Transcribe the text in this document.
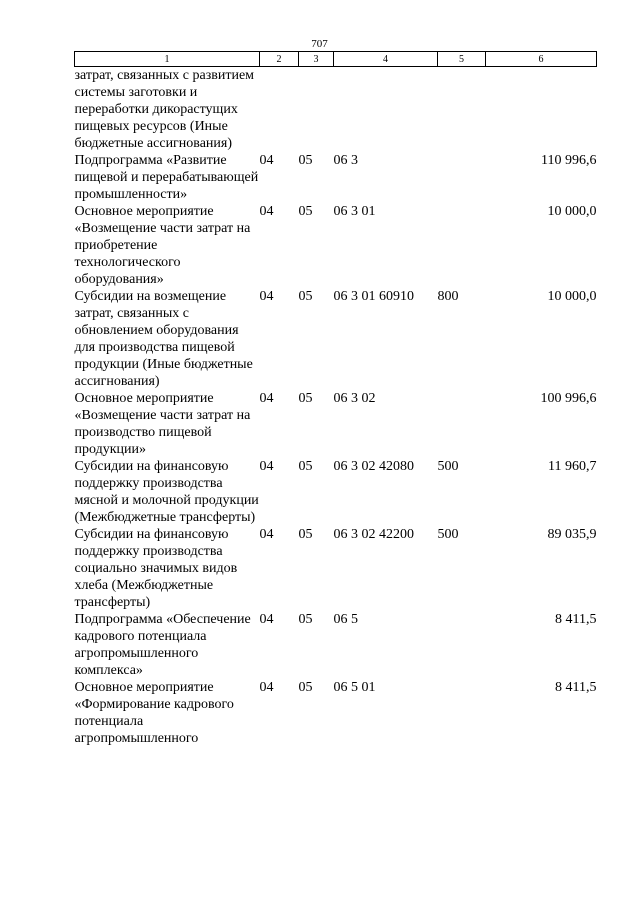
707
1	2	3	4	5	6
затрат, связанных с развитием системы заготовки и переработки дикорастущих пищевых ресурсов (Иные бюджетные ассигнования)					
Подпрограмма «Развитие пищевой и перерабатывающей промышленности»	04	05	06 3		110 996,6
Основное мероприятие «Возмещение части затрат на приобретение технологического оборудования»	04	05	06 3 01		10 000,0
Субсидии на возмещение затрат, связанных с обновлением оборудования для производства пищевой продукции (Иные бюджетные ассигнования)	04	05	06 3 01 60910	800	10 000,0
Основное мероприятие «Возмещение части затрат на производство пищевой продукции»	04	05	06 3 02		100 996,6
Субсидии на финансовую поддержку производства мясной и молочной продукции (Межбюджетные трансферты)	04	05	06 3 02 42080	500	11 960,7
Субсидии на финансовую поддержку производства социально значимых видов хлеба (Межбюджетные трансферты)	04	05	06 3 02 42200	500	89 035,9
Подпрограмма «Обеспечение кадрового потенциала агропромышленного комплекса»	04	05	06 5		8 411,5
Основное мероприятие «Формирование кадрового потенциала агропромышленного	04	05	06 5 01		8 411,5
